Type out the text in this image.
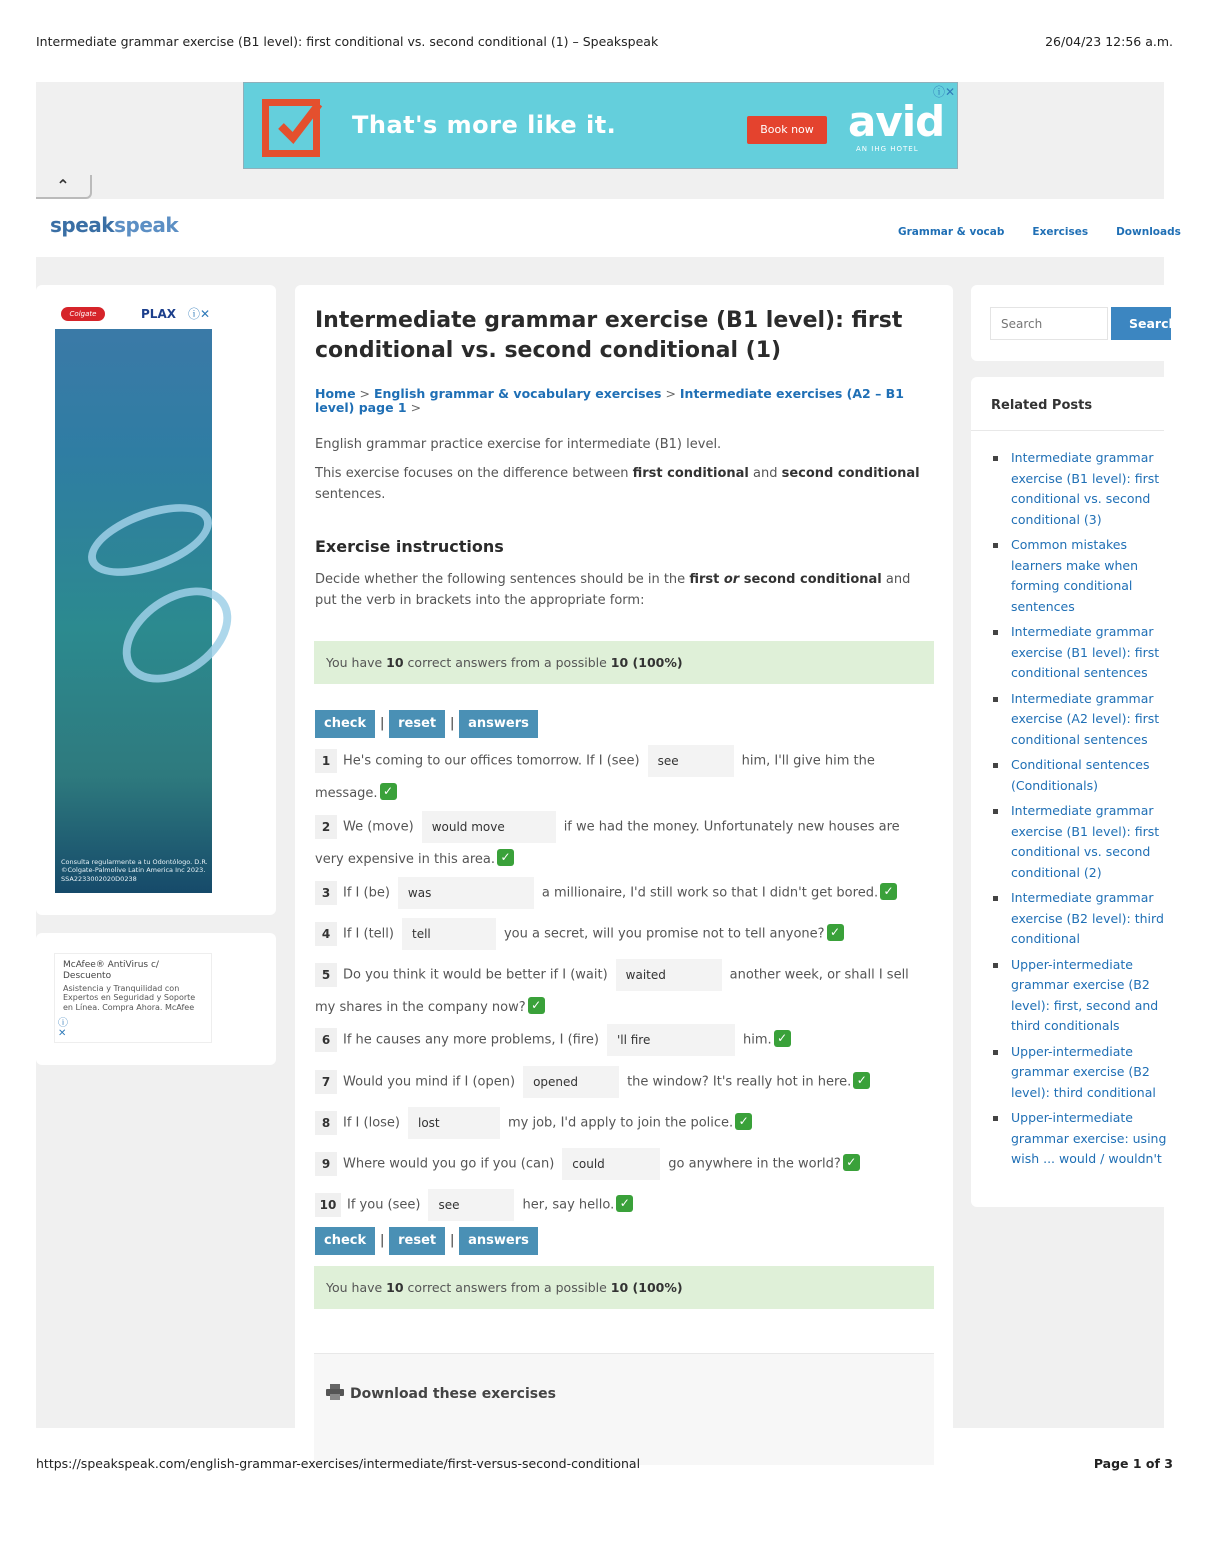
Intermediate grammar exercise (B1 level): first conditional vs. second conditional (1) – Speakspeak	26/04/23 12:56 a.m.
That's more like it.	Book now avid
AN IHG HOTEL
ⓘ✕
⌃
speakspeak	Grammar & vocab	Exercises	Downloads
Colgate	PLAX ⓘ✕
Consulta regularmente a tu Odontólogo. D.R. ©Colgate-Palmolive Latin America Inc 2023. SSA2233002020D0238
McAfee® AntiVirus c/ Descuento
Asistencia y Tranquilidad con Expertos en Seguridad y Soporte en Línea. Compra Ahora. McAfee
ⓘ
✕
Intermediate grammar exercise (B1 level): first conditional vs. second conditional (1)
Home > English grammar & vocabulary exercises > Intermediate exercises (A2 – B1 level) page 1 >

English grammar practice exercise for intermediate (B1) level.

This exercise focuses on the difference between first conditional and second conditional sentences.

Exercise instructions

Decide whether the following sentences should be in the first or second conditional and put the verb in brackets into the appropriate form:

You have 10 correct answers from a possible 10 (100%)
check | reset | answers
1 He's coming to our offices tomorrow. If I (see) see	him, I'll give him the
message. ✓
2 We (move) would move	if we had the money. Unfortunately new houses are
very expensive in this area. ✓
3 If I (be) was	a millionaire, I'd still work so that I didn't get bored. ✓
4 If I (tell) tell	you a secret, will you promise not to tell anyone? ✓
5 Do you think it would be better if I (wait) waited	another week, or shall I sell
my shares in the company now? ✓
6 If he causes any more problems, I (fire) 'll fire	him. ✓
7 Would you mind if I (open) opened	the window? It's really hot in here. ✓
8 If I (lose) lost	my job, I'd apply to join the police. ✓
9 Where would you go if you (can) could	go anywhere in the world? ✓
10 If you (see) see	her, say hello. ✓
check | reset | answers
You have 10 correct answers from a possible 10 (100%)
Download these exercises
Search
Search
Related Posts
Intermediate grammar
exercise (B1 level): first
conditional vs. second
conditional (3)
Common mistakes
learners make when
forming conditional
sentences
Intermediate grammar
exercise (B1 level): first
conditional sentences
Intermediate grammar
exercise (A2 level): first
conditional sentences
Conditional sentences
(Conditionals)
Intermediate grammar
exercise (B1 level): first
conditional vs. second
conditional (2)
Intermediate grammar
exercise (B2 level): third
conditional
Upper-intermediate
grammar exercise (B2
level): first, second and
third conditionals
Upper-intermediate
grammar exercise (B2
level): third conditional
Upper-intermediate
grammar exercise: using
wish ... would / wouldn't
https://speakspeak.com/english-grammar-exercises/intermediate/first-versus-second-conditional	Page 1 of 3
